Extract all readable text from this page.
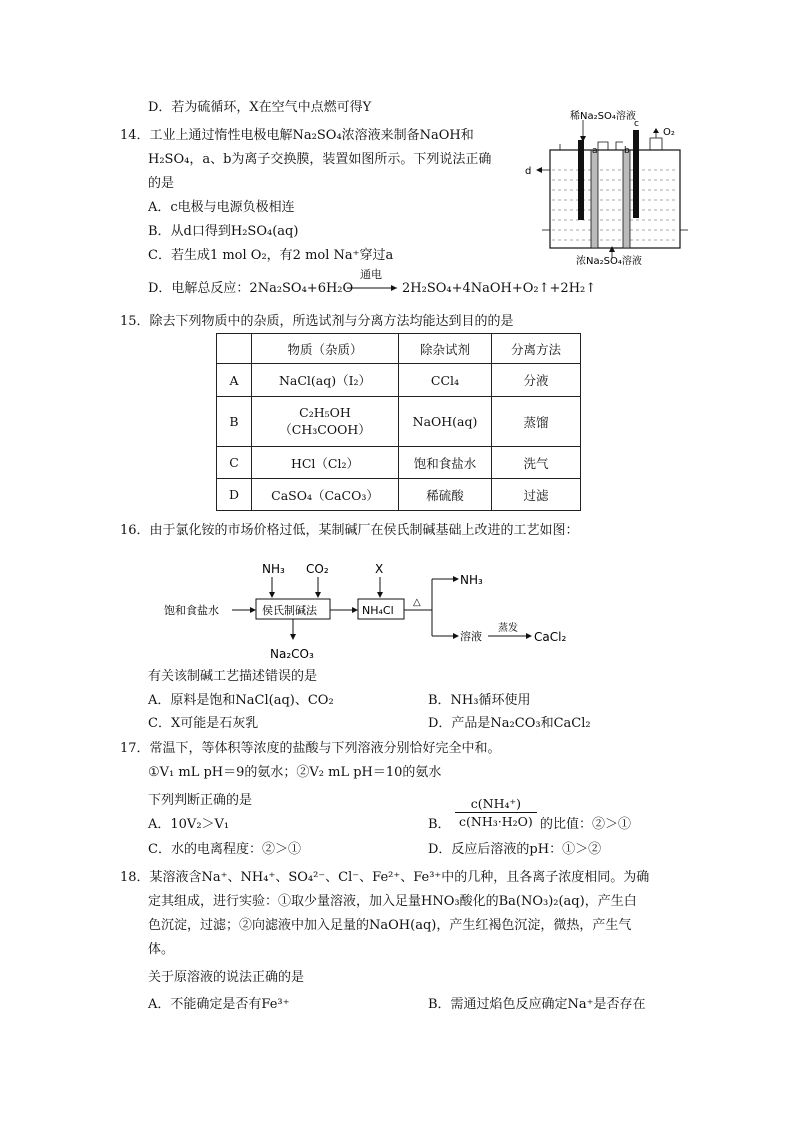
D．若为硫循环，X在空气中点燃可得Y
14．工业上通过惰性电极电解Na₂SO₄浓溶液来制备NaOH和
H₂SO₄，a、b为离子交换膜，装置如图所示。下列说法正确
的是
A．c电极与电源负极相连
B．从d口得到H₂SO₄(aq)
C．若生成1 mol O₂，有2 mol Na⁺穿过a
D．电解总反应：2Na₂SO₄+6H₂O
通电
2H₂SO₄+4NaOH+O₂↑+2H₂↑
稀Na₂SO₄溶液
a	b
c
d
O₂
浓Na₂SO₄溶液
15．除去下列物质中的杂质，所选试剂与分离方法均能达到目的的是
	物质（杂质）	除杂试剂	分离方法
A	NaCl(aq)（I₂）	CCl₄	分液
B	C₂H₅OH
（CH₃COOH）	NaOH(aq)	蒸馏
C	HCl（Cl₂）	饱和食盐水	洗气
D	CaSO₄（CaCO₃）	稀硫酸	过滤
16．由于氯化铵的市场价格过低，某制碱厂在侯氏制碱基础上改进的工艺如图：
NH₃ CO₂	X
饱和食盐水	侯氏制碱法	NH₄Cl
△
NH₃
溶液
蒸发
CaCl₂
Na₂CO₃
有关该制碱工艺描述错误的是
A．原料是饱和NaCl(aq)、CO₂	B．NH₃循环使用
C．X可能是石灰乳	D．产品是Na₂CO₃和CaCl₂
17．常温下，等体积等浓度的盐酸与下列溶液分别恰好完全中和。
①V₁ mL pH＝9的氨水；②V₂ mL pH＝10的氨水
下列判断正确的是
A．10V₂＞V₁	B． $\frac{\text{c(NH₄⁺)}}{\text{c(NH₃·H₂O)}}$ 的比值：②＞①
C．水的电离程度：②＞①	D．反应后溶液的pH：①＞②
18．某溶液含Na⁺、NH₄⁺、SO₄²⁻、Cl⁻、Fe²⁺、Fe³⁺中的几种，且各离子浓度相同。为确
定其组成，进行实验：①取少量溶液，加入足量HNO₃酸化的Ba(NO₃)₂(aq)，产生白
色沉淀，过滤；②向滤液中加入足量的NaOH(aq)，产生红褐色沉淀，微热，产生气
体。
关于原溶液的说法正确的是
A．不能确定是否有Fe³⁺	B．需通过焰色反应确定Na⁺是否存在
